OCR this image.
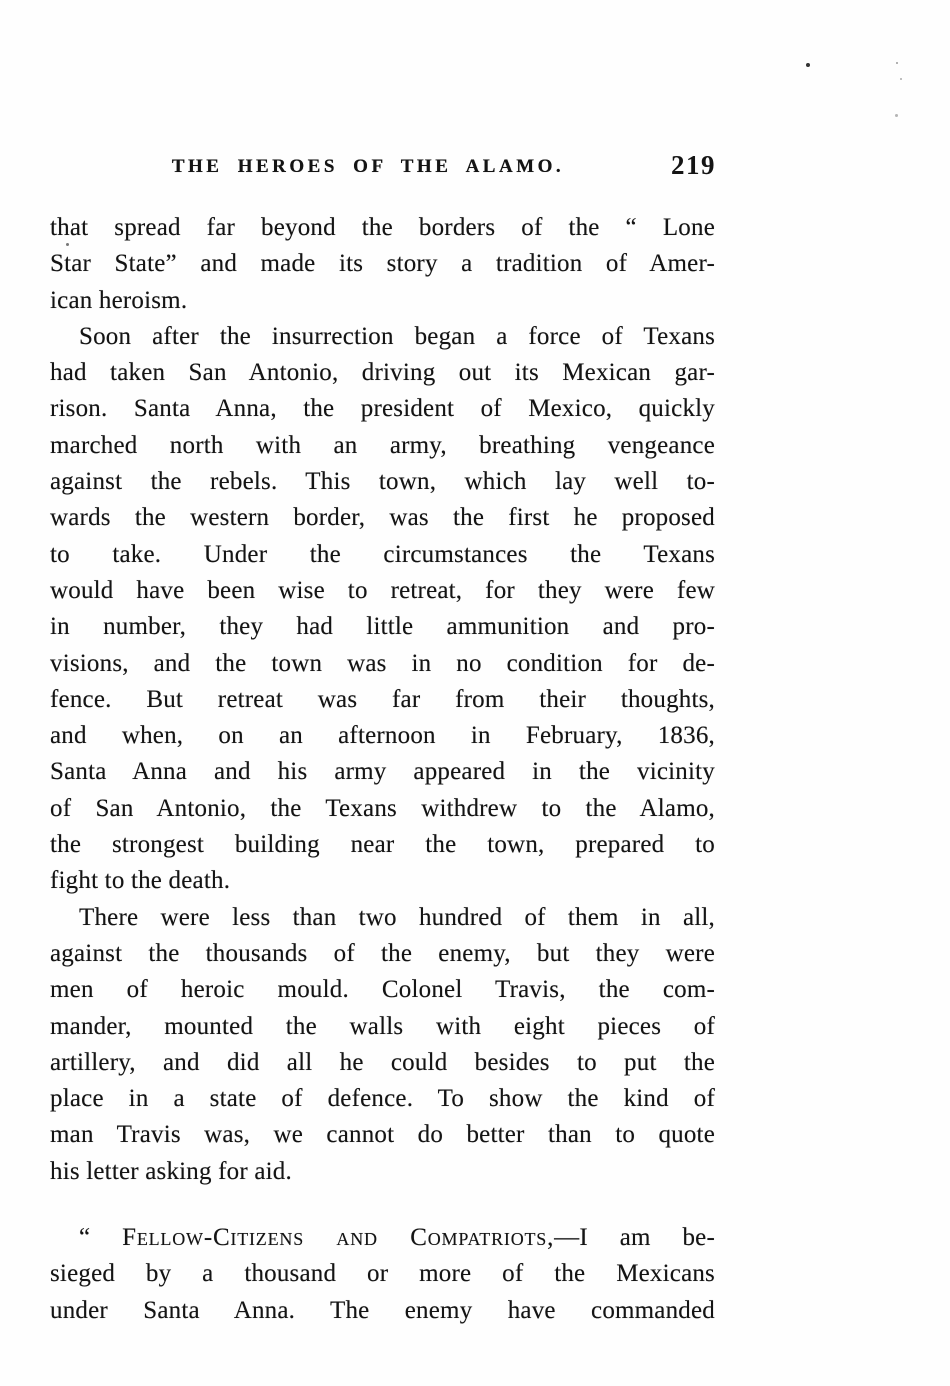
THE HEROES OF THE ALAMO.	219
that spread far beyond the borders of the “ Lone
Star State” and made its story a tradition of Amer-
ican heroism.
Soon after the insurrection began a force of Texans
had taken San Antonio, driving out its Mexican gar-
rison. Santa Anna, the president of Mexico, quickly
marched north with an army, breathing vengeance
against the rebels. This town, which lay well to-
wards the western border, was the first he proposed
to take. Under the circumstances the Texans
would have been wise to retreat, for they were few
in number, they had little ammunition and pro-
visions, and the town was in no condition for de-
fence. But retreat was far from their thoughts,
and when, on an afternoon in February, 1836,
Santa Anna and his army appeared in the vicinity
of San Antonio, the Texans withdrew to the Alamo,
the strongest building near the town, prepared to
fight to the death.
There were less than two hundred of them in all,
against the thousands of the enemy, but they were
men of heroic mould. Colonel Travis, the com-
mander, mounted the walls with eight pieces of
artillery, and did all he could besides to put the
place in a state of defence. To show the kind of
man Travis was, we cannot do better than to quote
his letter asking for aid.
“ Fellow-Citizens and Compatriots,—I am be-
sieged by a thousand or more of the Mexicans
under Santa Anna. The enemy have commanded
